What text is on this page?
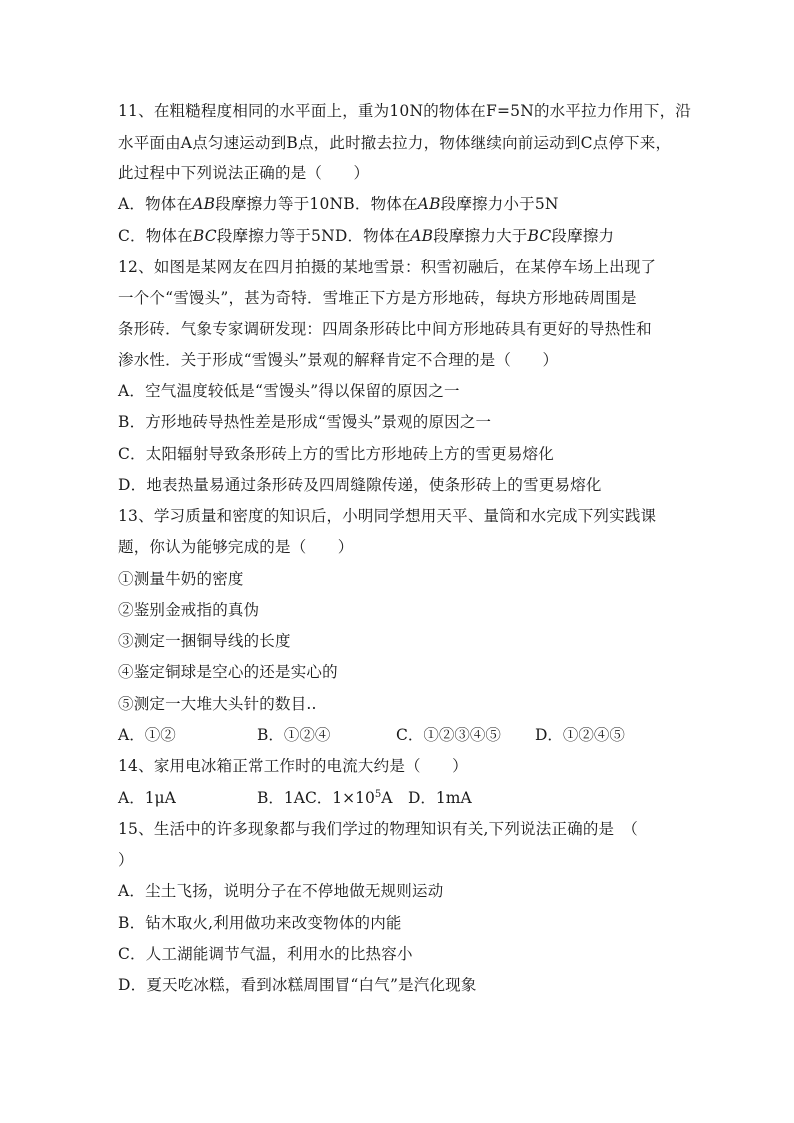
11、在粗糙程度相同的水平面上，重为10N的物体在F=5N的水平拉力作用下，沿
水平面由A点匀速运动到B点，此时撤去拉力，物体继续向前运动到C点停下来，
此过程中下列说法正确的是（　　）
A．物体在AB段摩擦力等于10NB．物体在AB段摩擦力小于5N
C．物体在BC段摩擦力等于5ND．物体在AB段摩擦力大于BC段摩擦力
12、如图是某网友在四月拍摄的某地雪景：积雪初融后，在某停车场上出现了
一个个“雪馒头”，甚为奇特．雪堆正下方是方形地砖，每块方形地砖周围是
条形砖．气象专家调研发现：四周条形砖比中间方形地砖具有更好的导热性和
渗水性．关于形成“雪馒头”景观的解释肯定不合理的是（　　）
A．空气温度较低是“雪馒头”得以保留的原因之一
B．方形地砖导热性差是形成“雪馒头”景观的原因之一
C．太阳辐射导致条形砖上方的雪比方形地砖上方的雪更易熔化
D．地表热量易通过条形砖及四周缝隙传递，使条形砖上的雪更易熔化
13、学习质量和密度的知识后，小明同学想用天平、量筒和水完成下列实践课
题，你认为能够完成的是（　　）
①测量牛奶的密度
②鉴别金戒指的真伪
③测定一捆铜导线的长度
④鉴定铜球是空心的还是实心的
⑤测定一大堆大头针的数目..
A．①②	B．①②④	C．①②③④⑤ D．①②④⑤
14、家用电冰箱正常工作时的电流大约是（　　）
A．1μA	B．1AC．$1\times 10^5A$　D．1mA
15、生活中的许多现象都与我们学过的物理知识有关,下列说法正确的是　（
）
A．尘土飞扬，说明分子在不停地做无规则运动
B．钻木取火,利用做功来改变物体的内能
C．人工湖能调节气温，利用水的比热容小
D．夏天吃冰糕，看到冰糕周围冒“白气”是汽化现象
